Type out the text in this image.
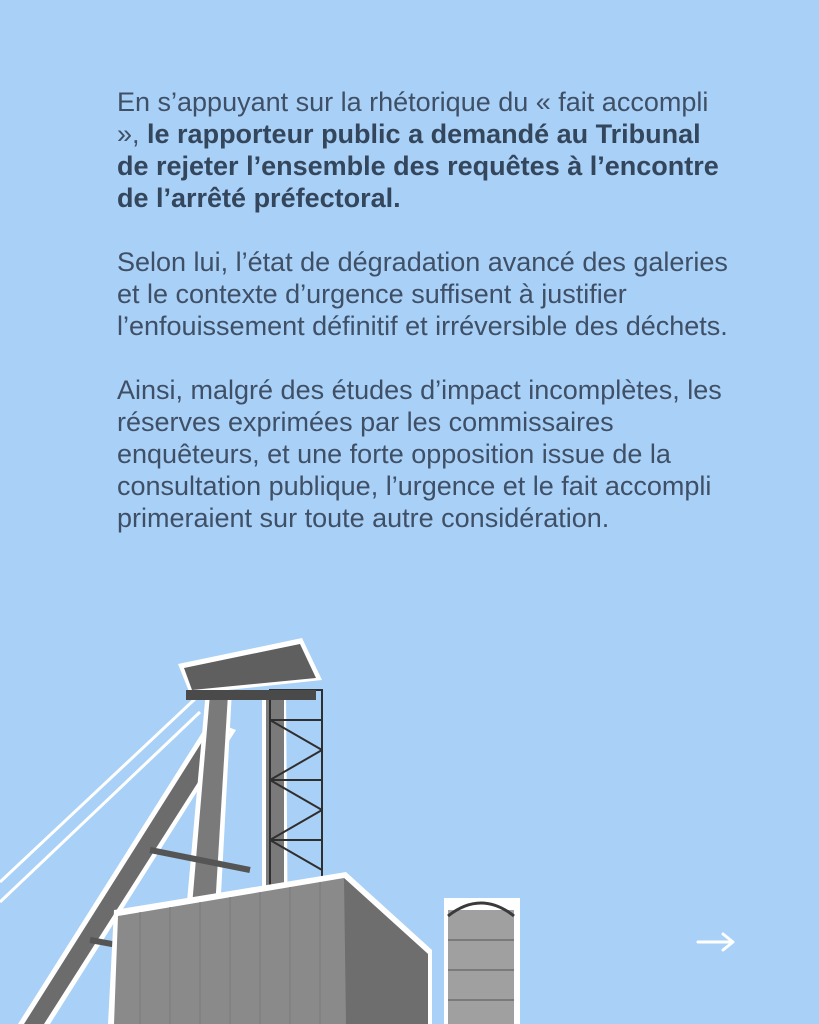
En s’appuyant sur la rhétorique du « fait accompli », le rapporteur public a demandé au Tribunal de rejeter l’ensemble des requêtes à l’encontre de l’arrêté préfectoral.

Selon lui, l’état de dégradation avancé des galeries et le contexte d’urgence suffisent à justifier l’enfouissement définitif et irréversible des déchets.

Ainsi, malgré des études d’impact incomplètes, les réserves exprimées par les commissaires enquêteurs, et une forte opposition issue de la consultation publique, l’urgence et le fait accompli primeraient sur toute autre considération.
